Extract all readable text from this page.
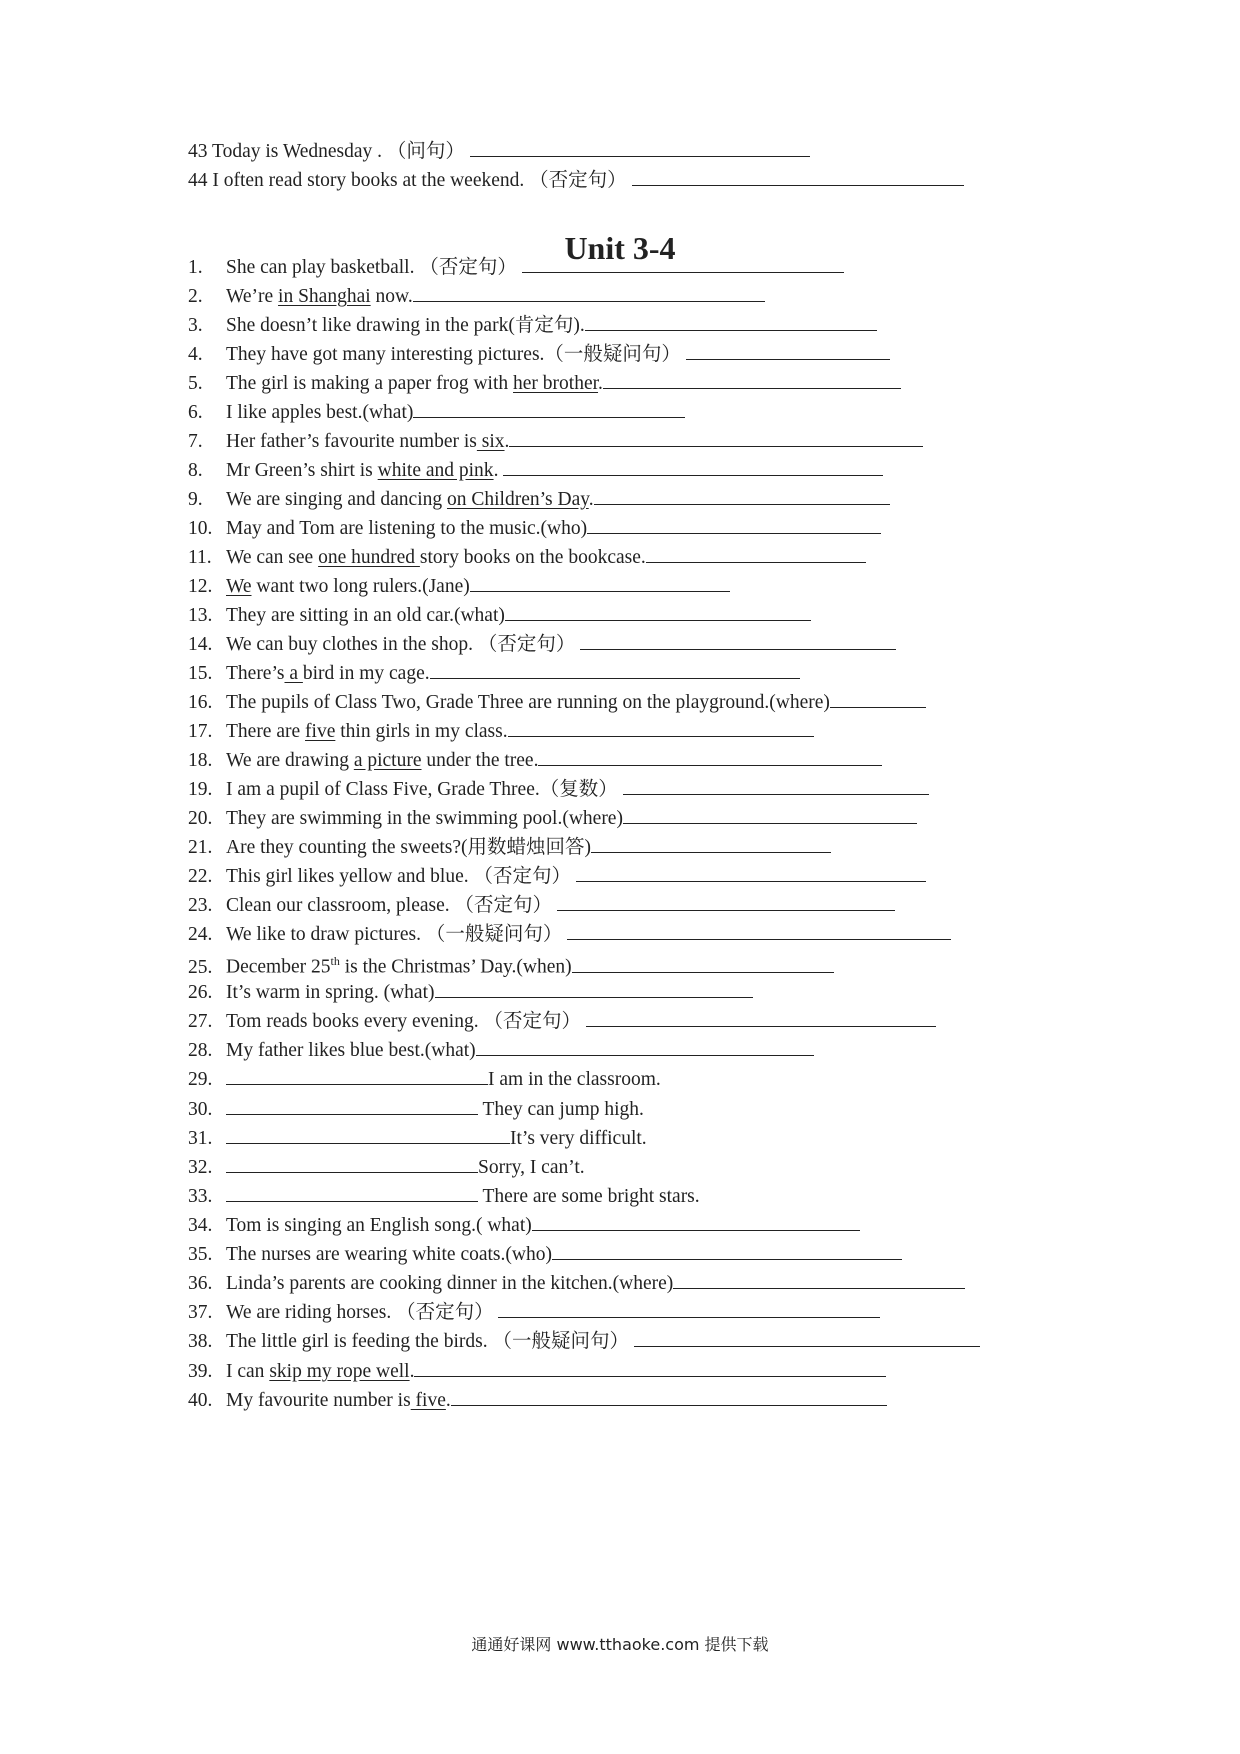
43 Today is Wednesday . （问句）
44 I often read story books at the weekend. （否定句）
Unit 3-4
1. She can play basketball. （否定句）
2. We’re in Shanghai now.
3. She doesn’t like drawing in the park(肯定句).
4. They have got many interesting pictures.（一般疑问句）
5. The girl is making a paper frog with her brother.
6. I like apples best.(what)
7. Her father’s favourite number is six.
8. Mr Green’s shirt is white and pink.
9. We are singing and dancing on Children’s Day.
10. May and Tom are listening to the music.(who)
11. We can see one hundred story books on the bookcase.
12. We want two long rulers.(Jane)
13. They are sitting in an old car.(what)
14. We can buy clothes in the shop. （否定句）
15. There’s a bird in my cage.
16. The pupils of Class Two, Grade Three are running on the playground.(where)
17. There are five thin girls in my class.
18. We are drawing a picture under the tree.
19. I am a pupil of Class Five, Grade Three.（复数）
20. They are swimming in the swimming pool.(where)
21. Are they counting the sweets?(用数蜡烛回答)
22. This girl likes yellow and blue. （否定句）
23. Clean our classroom, please. （否定句）
24. We like to draw pictures. （一般疑问句）
25. December 25th is the Christmas’ Day.(when)
26. It’s warm in spring. (what)
27. Tom reads books every evening. （否定句）
28. My father likes blue best.(what)
29.	I am in the classroom.
30.	They can jump high.
31.	It’s very difficult.
32.	Sorry, I can’t.
33.	There are some bright stars.
34. Tom is singing an English song.( what)
35. The nurses are wearing white coats.(who)
36. Linda’s parents are cooking dinner in the kitchen.(where)
37. We are riding horses. （否定句）
38. The little girl is feeding the birds. （一般疑问句）
39. I can skip my rope well.
40. My favourite number is five.
通通好课网 www.tthaoke.com 提供下载
